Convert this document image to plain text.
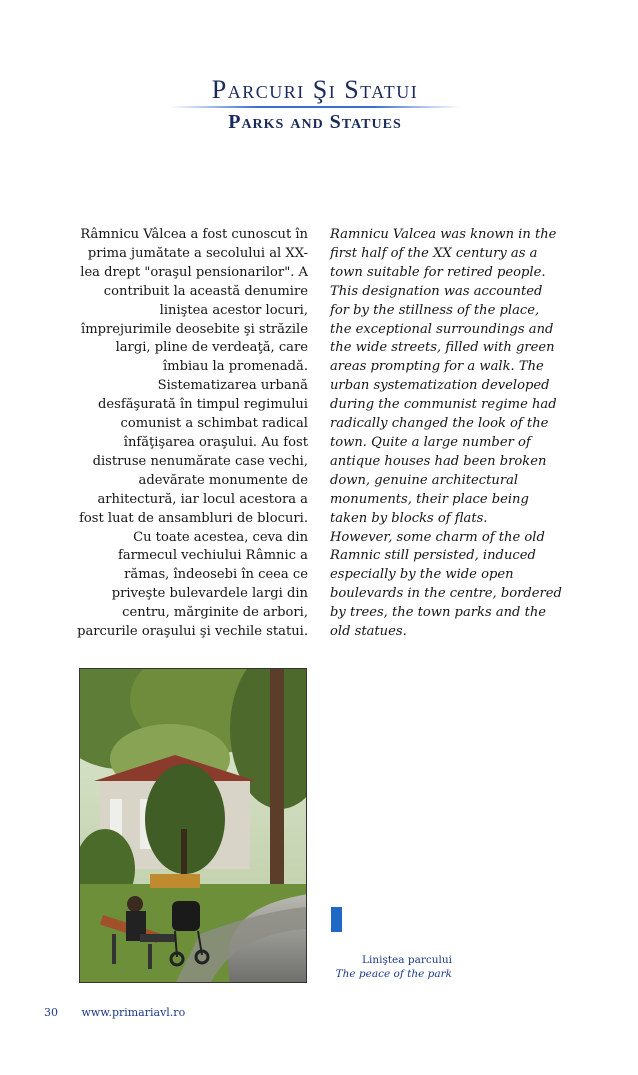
Parcuri Şi Statui
Parks and Statues

Râmnicu Vâlcea a fost cunoscut în prima jumătate a secolului al XX-lea drept "oraşul pensionarilor". A contribuit la această denumire liniştea acestor locuri, împrejurimile deosebite şi străzile largi, pline de verdeaţă, care îmbiau la promenadă. Sistematizarea urbană desfăşurată în timpul regimului comunist a schimbat radical înfăţişarea oraşului. Au fost distruse nenumărate case vechi, adevărate monumente de arhitectură, iar locul acestora a fost luat de ansambluri de blocuri. Cu toate acestea, ceva din farmecul vechiului Râmnic a rămas, îndeosebi în ceea ce priveşte bulevardele largi din centru, mărginite de arbori, parcurile oraşului şi vechile statui.

Ramnicu Valcea was known in the first half of the XX century as a town suitable for retired people. This designation was accounted for by the stillness of the place, the exceptional surroundings and the wide streets, filled with green areas prompting for a walk. The urban systematization developed during the communist regime had radically changed the look of the town. Quite a large number of antique houses had been broken down, genuine architectural monuments, their place being taken by blocks of flats.

However, some charm of the old Ramnic still persisted, induced especially by the wide open boulevards in the centre, bordered by trees, the town parks and the old statues.

Liniştea parcului
The peace of the park
30 www.primariavl.ro
